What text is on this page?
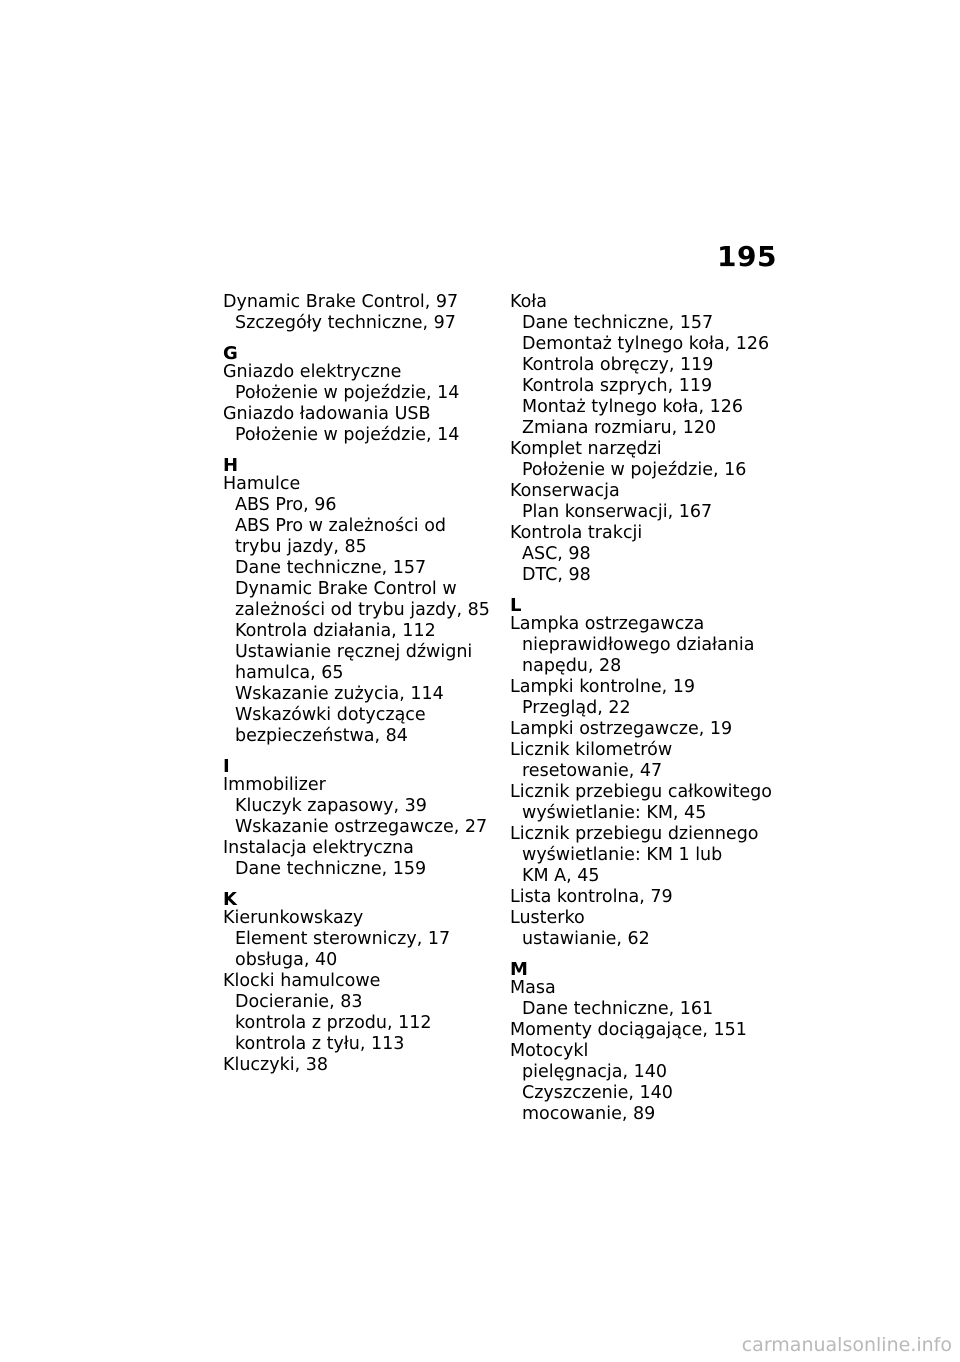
195
Dynamic Brake Control, 97
Szczegóły techniczne, 97
G
Gniazdo elektryczne
Położenie w pojeździe, 14
Gniazdo ładowania USB
Położenie w pojeździe, 14
H
Hamulce
ABS Pro, 96
ABS Pro w zależności od
trybu jazdy, 85
Dane techniczne, 157
Dynamic Brake Control w
zależności od trybu jazdy, 85
Kontrola działania, 112
Ustawianie ręcznej dźwigni
hamulca, 65
Wskazanie zużycia, 114
Wskazówki dotyczące
bezpieczeństwa, 84
I
Immobilizer
Kluczyk zapasowy, 39
Wskazanie ostrzegawcze, 27
Instalacja elektryczna
Dane techniczne, 159
K
Kierunkowskazy
Element sterowniczy, 17
obsługa, 40
Klocki hamulcowe
Docieranie, 83
kontrola z przodu, 112
kontrola z tyłu, 113
Kluczyki, 38
Koła
Dane techniczne, 157
Demontaż tylnego koła, 126
Kontrola obręczy, 119
Kontrola szprych, 119
Montaż tylnego koła, 126
Zmiana rozmiaru, 120
Komplet narzędzi
Położenie w pojeździe, 16
Konserwacja
Plan konserwacji, 167
Kontrola trakcji
ASC, 98
DTC, 98
L
Lampka ostrzegawcza
nieprawidłowego działania
napędu, 28
Lampki kontrolne, 19
Przegląd, 22
Lampki ostrzegawcze, 19
Licznik kilometrów
resetowanie, 47
Licznik przebiegu całkowitego
wyświetlanie: KM, 45
Licznik przebiegu dziennego
wyświetlanie: KM 1 lub
KM A, 45
Lista kontrolna, 79
Lusterko
ustawianie, 62
M
Masa
Dane techniczne, 161
Momenty dociągające, 151
Motocykl
pielęgnacja, 140
Czyszczenie, 140
mocowanie, 89
carmanualsonline.info
